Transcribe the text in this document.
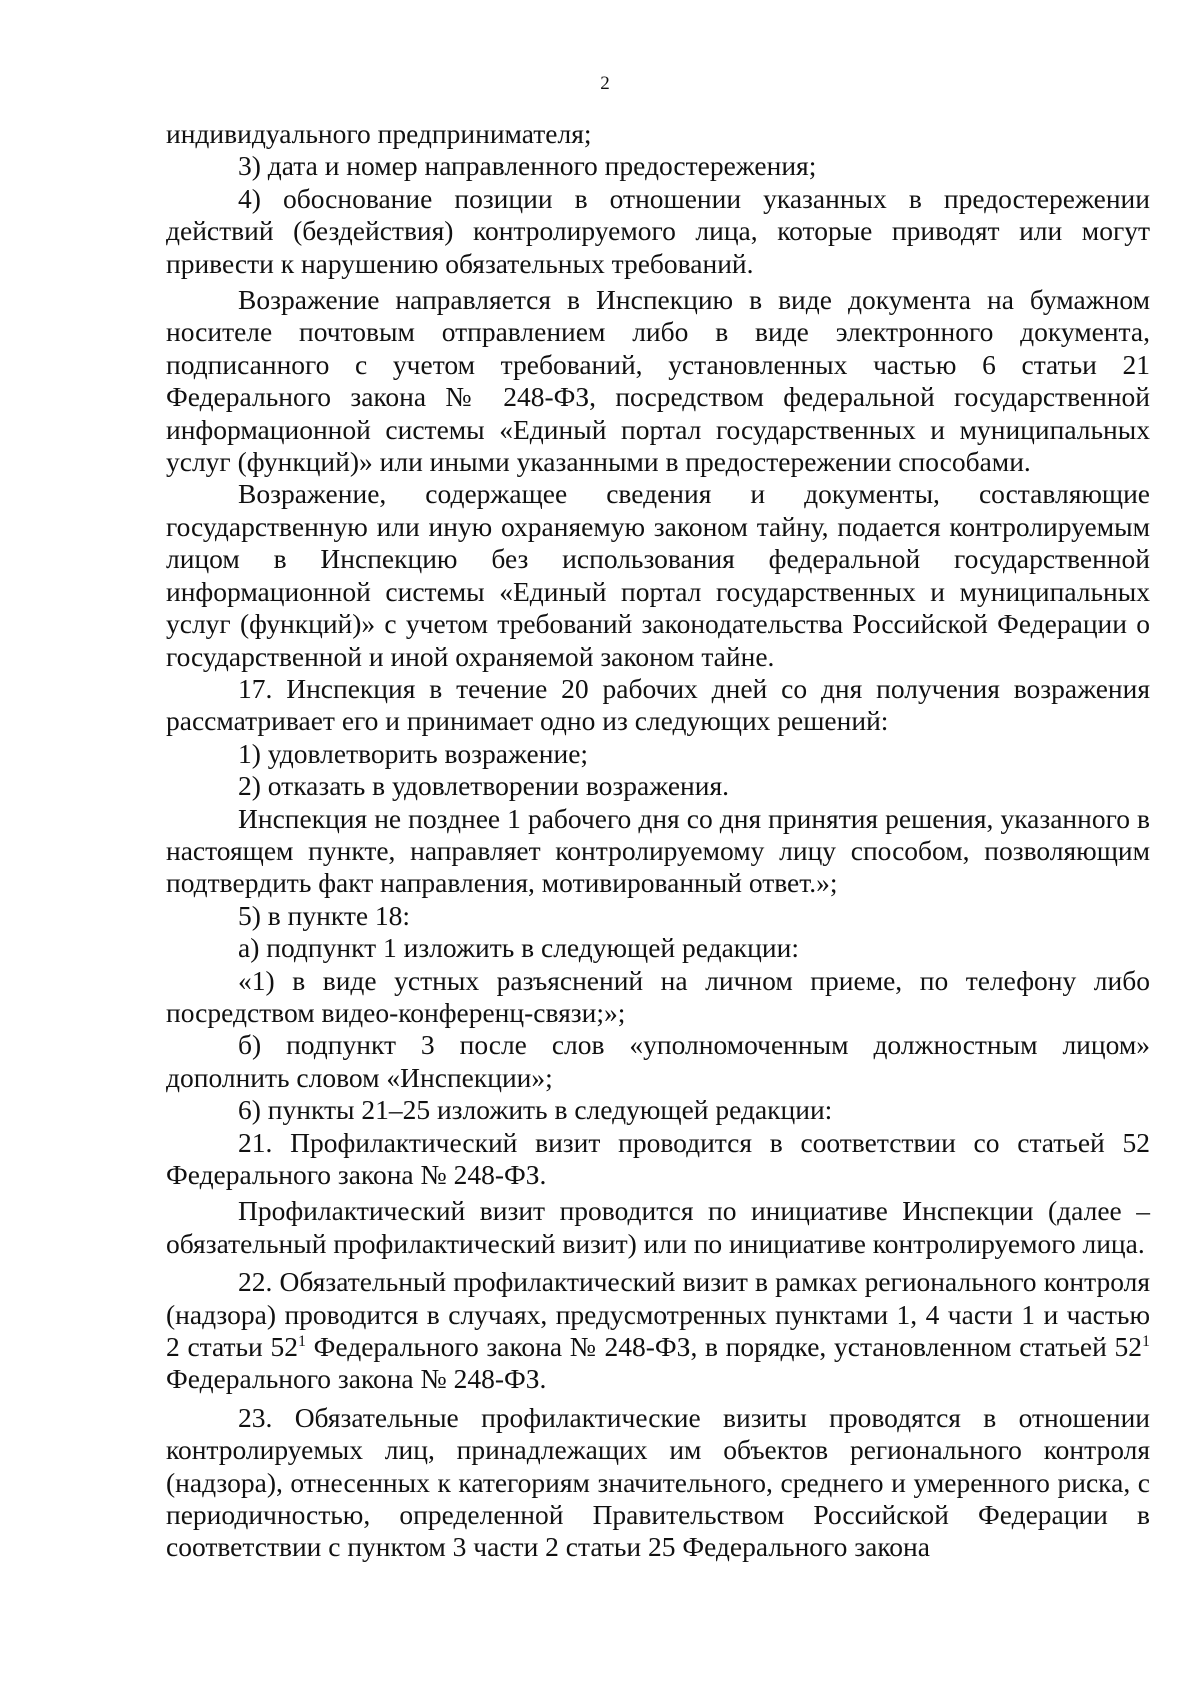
2

индивидуального предпринимателя;

3) дата и номер направленного предостережения;

4) обоснование позиции в отношении указанных в предостережении действий (бездействия) контролируемого лица, которые приводят или могут привести к нарушению обязательных требований.

Возражение направляется в Инспекцию в виде документа на бумажном носителе почтовым отправлением либо в виде электронного документа, подписанного с учетом требований, установленных частью 6 статьи 21 Федерального закона № 248-ФЗ, посредством федеральной государственной информационной системы «Единый портал государственных и муниципальных услуг (функций)» или иными указанными в предостережении способами.

Возражение, содержащее сведения и документы, составляющие государственную или иную охраняемую законом тайну, подается контролируемым лицом в Инспекцию без использования федеральной государственной информационной системы «Единый портал государственных и муниципальных услуг (функций)» с учетом требований законодательства Российской Федерации о государственной и иной охраняемой законом тайне.

17. Инспекция в течение 20 рабочих дней со дня получения возражения рассматривает его и принимает одно из следующих решений:

1) удовлетворить возражение;

2) отказать в удовлетворении возражения.

Инспекция не позднее 1 рабочего дня со дня принятия решения, указанного в настоящем пункте, направляет контролируемому лицу способом, позволяющим подтвердить факт направления, мотивированный ответ.»;

5) в пункте 18:

а) подпункт 1 изложить в следующей редакции:

«1) в виде устных разъяснений на личном приеме, по телефону либо посредством видео-конференц-связи;»;

б) подпункт 3 после слов «уполномоченным должностным лицом» дополнить словом «Инспекции»;

6) пункты 21–25 изложить в следующей редакции:

21. Профилактический визит проводится в соответствии со статьей 52 Федерального закона № 248-ФЗ.

Профилактический визит проводится по инициативе Инспекции (далее – обязательный профилактический визит) или по инициативе контролируемого лица.

22. Обязательный профилактический визит в рамках регионального контроля (надзора) проводится в случаях, предусмотренных пунктами 1, 4 части 1 и частью 2 статьи $52^1$ Федерального закона № 248-ФЗ, в порядке, установленном статьей $52^1$ Федерального закона № 248-ФЗ.

23. Обязательные профилактические визиты проводятся в отношении контролируемых лиц, принадлежащих им объектов регионального контроля (надзора), отнесенных к категориям значительного, среднего и умеренного риска, с периодичностью, определенной Правительством Российской Федерации в соответствии с пунктом 3 части 2 статьи 25 Федерального закона
